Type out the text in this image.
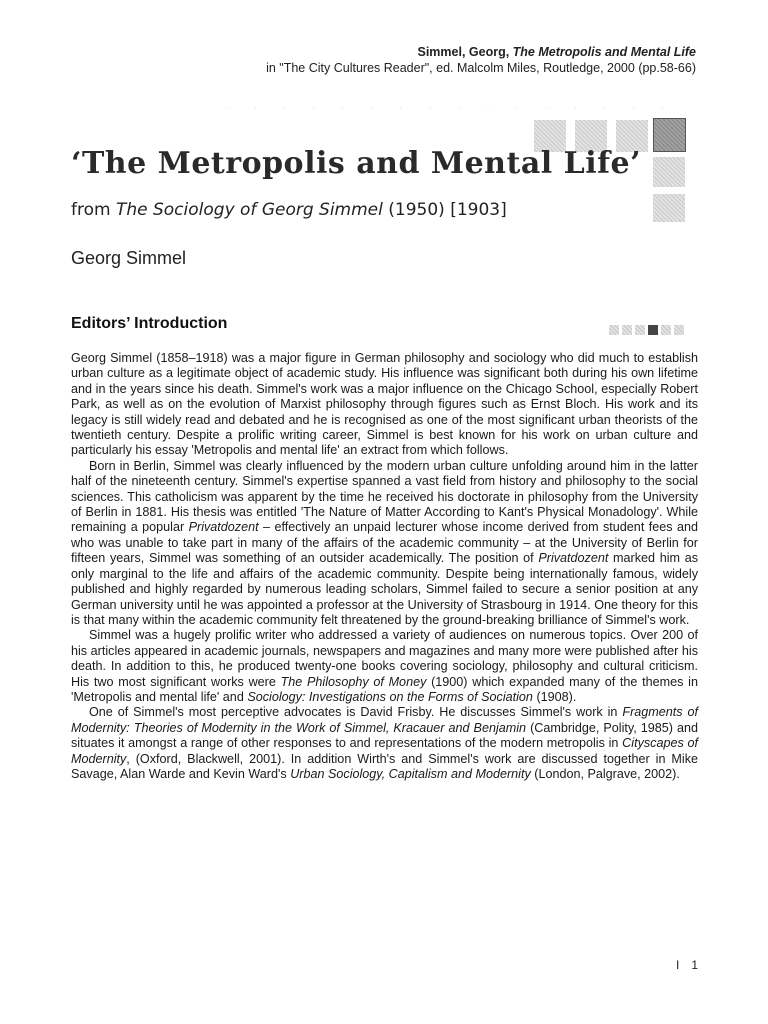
Simmel, Georg, The Metropolis and Mental Life
in "The City Cultures Reader", ed. Malcolm Miles, Routledge, 2000 (pp.58-66)
· · · · · · · · · · · · · · · ·
‘The Metropolis and Mental Life’
from The Sociology of Georg Simmel (1950) [1903]
Georg Simmel
Editors’ Introduction

Georg Simmel (1858–1918) was a major figure in German philosophy and sociology who did much to establish urban culture as a legitimate object of academic study. His influence was significant both during his own lifetime and in the years since his death. Simmel's work was a major influence on the Chicago School, especially Robert Park, as well as on the evolution of Marxist philosophy through figures such as Ernst Bloch. His work and its legacy is still widely read and debated and he is recognised as one of the most significant urban theorists of the twentieth century. Despite a prolific writing career, Simmel is best known for his work on urban culture and particularly his essay 'Metropolis and mental life' an extract from which follows.

Born in Berlin, Simmel was clearly influenced by the modern urban culture unfolding around him in the latter half of the nineteenth century. Simmel's expertise spanned a vast field from history and philosophy to the social sciences. This catholicism was apparent by the time he received his doctorate in philosophy from the University of Berlin in 1881. His thesis was entitled 'The Nature of Matter According to Kant's Physical Monadology'. While remaining a popular Privatdozent – effectively an unpaid lecturer whose income derived from student fees and who was unable to take part in many of the affairs of the academic community – at the University of Berlin for fifteen years, Simmel was something of an outsider academically. The position of Privatdozent marked him as only marginal to the life and affairs of the academic community. Despite being internationally famous, widely published and highly regarded by numerous leading scholars, Simmel failed to secure a senior position at any German university until he was appointed a professor at the University of Strasbourg in 1914. One theory for this is that many within the academic community felt threatened by the ground-breaking brilliance of Simmel's work.

Simmel was a hugely prolific writer who addressed a variety of audiences on numerous topics. Over 200 of his articles appeared in academic journals, newspapers and magazines and many more were published after his death. In addition to this, he produced twenty-one books covering sociology, philosophy and cultural criticism. His two most significant works were The Philosophy of Money (1900) which expanded many of the themes in 'Metropolis and mental life' and Sociology: Investigations on the Forms of Sociation (1908).

One of Simmel's most perceptive advocates is David Frisby. He discusses Simmel's work in Fragments of Modernity: Theories of Modernity in the Work of Simmel, Kracauer and Benjamin (Cambridge, Polity, 1985) and situates it amongst a range of other responses to and representations of the modern metropolis in Cityscapes of Modernity, (Oxford, Blackwell, 2001). In addition Wirth's and Simmel's work are discussed together in Mike Savage, Alan Warde and Kevin Ward's Urban Sociology, Capitalism and Modernity (London, Palgrave, 2002).

I 1
